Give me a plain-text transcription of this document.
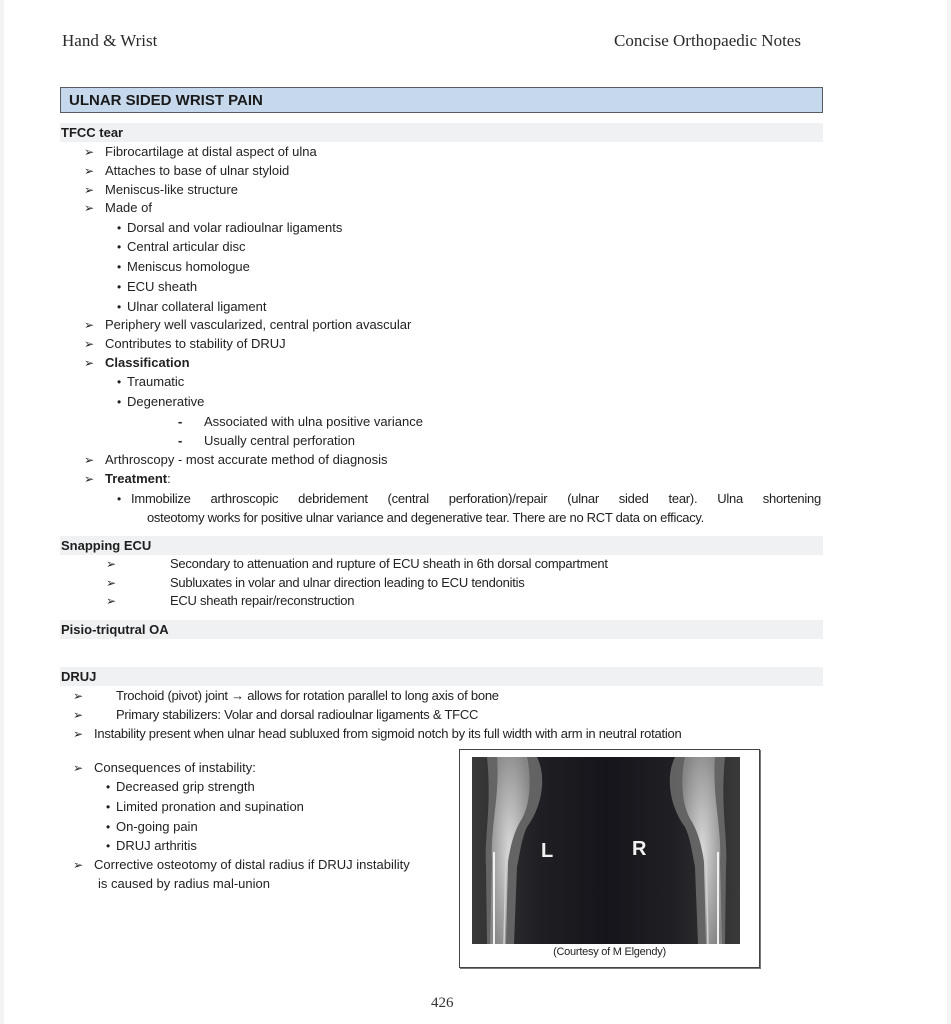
Hand & Wrist	Concise Orthopaedic Notes
ULNAR SIDED WRIST PAIN
TFCC tear
➢ Fibrocartilage at distal aspect of ulna
➢ Attaches to base of ulnar styloid
➢ Meniscus-like structure
➢ Made of
• Dorsal and volar radioulnar ligaments
• Central articular disc
• Meniscus homologue
• ECU sheath
• Ulnar collateral ligament
➢ Periphery well vascularized, central portion avascular
➢ Contributes to stability of DRUJ
➢ Classification
• Traumatic
• Degenerative
- Associated with ulna positive variance
- Usually central perforation
➢ Arthroscopy - most accurate method of diagnosis
➢ Treatment:
• Immobilize arthroscopic debridement (central perforation)/repair (ulnar sided tear). Ulna shortening
osteotomy works for positive ulnar variance and degenerative tear. There are no RCT data on efficacy.
Snapping ECU
➢	Secondary to attenuation and rupture of ECU sheath in 6th dorsal compartment
➢	Subluxates in volar and ulnar direction leading to ECU tendonitis
➢	ECU sheath repair/reconstruction
Pisio-triqutral OA
DRUJ
➢	Trochoid (pivot) joint → allows for rotation parallel to long axis of bone
➢	Primary stabilizers: Volar and dorsal radioulnar ligaments & TFCC
➢ Instability present when ulnar head subluxed from sigmoid notch by its full width with arm in neutral rotation
➢ Consequences of instability:
• Decreased grip strength
• Limited pronation and supination
• On-going pain
• DRUJ arthritis
➢ Corrective osteotomy of distal radius if DRUJ instability
is caused by radius mal-union
L	R
(Courtesy of M Elgendy)
426
